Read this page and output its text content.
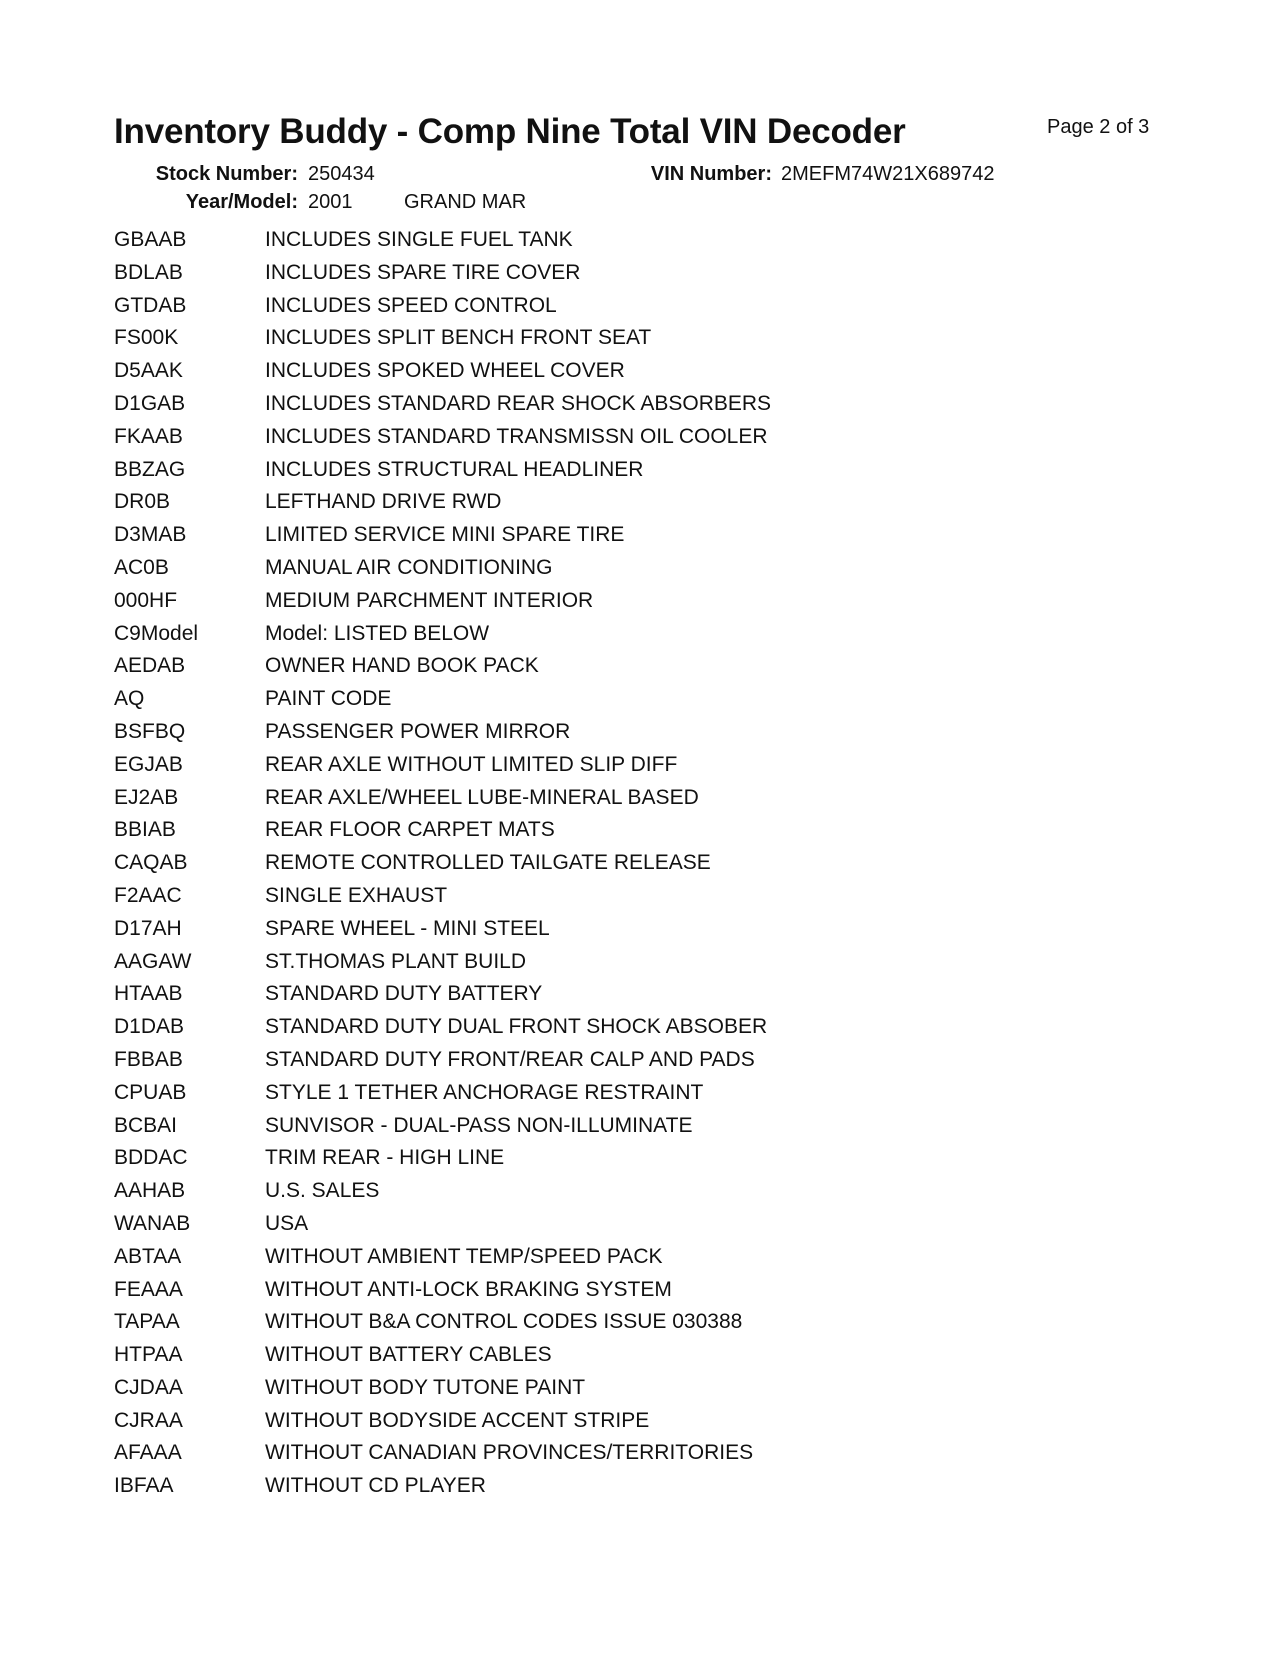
Inventory Buddy - Comp Nine Total VIN Decoder	Page 2 of 3
Stock Number: 250434	VIN Number: 2MEFM74W21X689742
Year/Model: 2001	GRAND MAR
GBAAB	INCLUDES SINGLE FUEL TANK
BDLAB	INCLUDES SPARE TIRE COVER
GTDAB	INCLUDES SPEED CONTROL
FS00K	INCLUDES SPLIT BENCH FRONT SEAT
D5AAK	INCLUDES SPOKED WHEEL COVER
D1GAB	INCLUDES STANDARD REAR SHOCK ABSORBERS
FKAAB	INCLUDES STANDARD TRANSMISSN OIL COOLER
BBZAG	INCLUDES STRUCTURAL HEADLINER
DR0B	LEFTHAND DRIVE RWD
D3MAB	LIMITED SERVICE MINI SPARE TIRE
AC0B	MANUAL AIR CONDITIONING
000HF	MEDIUM PARCHMENT INTERIOR
C9Model	Model: LISTED BELOW
AEDAB	OWNER HAND BOOK PACK
AQ	PAINT CODE
BSFBQ	PASSENGER POWER MIRROR
EGJAB	REAR AXLE WITHOUT LIMITED SLIP DIFF
EJ2AB	REAR AXLE/WHEEL LUBE-MINERAL BASED
BBIAB	REAR FLOOR CARPET MATS
CAQAB	REMOTE CONTROLLED TAILGATE RELEASE
F2AAC	SINGLE EXHAUST
D17AH	SPARE WHEEL - MINI STEEL
AAGAW	ST.THOMAS PLANT BUILD
HTAAB	STANDARD DUTY BATTERY
D1DAB	STANDARD DUTY DUAL FRONT SHOCK ABSOBER
FBBAB	STANDARD DUTY FRONT/REAR CALP AND PADS
CPUAB	STYLE 1 TETHER ANCHORAGE RESTRAINT
BCBAI	SUNVISOR - DUAL-PASS NON-ILLUMINATE
BDDAC	TRIM REAR - HIGH LINE
AAHAB	U.S. SALES
WANAB	USA
ABTAA	WITHOUT AMBIENT TEMP/SPEED PACK
FEAAA	WITHOUT ANTI-LOCK BRAKING SYSTEM
TAPAA	WITHOUT B&A CONTROL CODES ISSUE 030388
HTPAA	WITHOUT BATTERY CABLES
CJDAA	WITHOUT BODY TUTONE PAINT
CJRAA	WITHOUT BODYSIDE ACCENT STRIPE
AFAAA	WITHOUT CANADIAN PROVINCES/TERRITORIES
IBFAA	WITHOUT CD PLAYER
